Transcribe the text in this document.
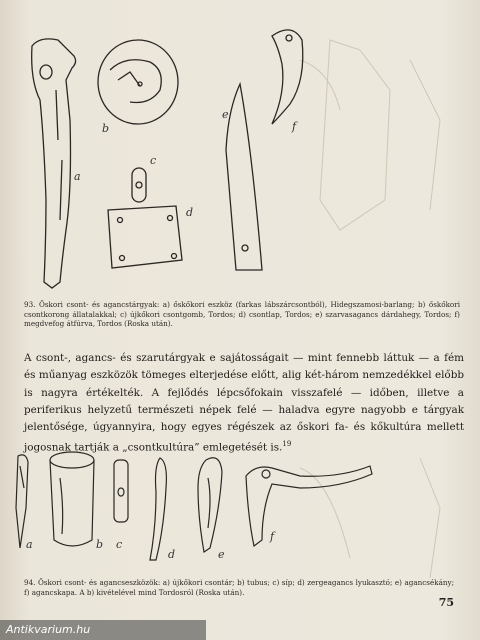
a
b
c
d
e
f
93. Őskori csont- és agancstárgyak: a) őskőkori eszköz (farkas lábszárcsontból), Hidegszamosi-barlang; b) őskőkori csontkorong állatalakkal; c) újkőkori csontgomb, Tordos; d) csontlap, Tordos; e) szarvasagancs dárdahegy, Tordos; f) megdvefog átfúrva, Tordos (Roska után).
A csont-, agancs- és szarutárgyak e sajátosságait — mint fennebb láttuk — a fém és műanyag eszközök tömeges elterjedése előtt, alig két-három nemzedékkel előbb is nagyra értékelték. A fejlődés lépcsőfokain visszafelé — időben, illetve a periferikus helyzetű természeti népek felé — haladva egyre nagyobb e tárgyak jelentősége, úgyannyira, hogy egyes régészek az őskori fa- és kőkultúra mellett jogosnak tartják a „csontkultúra” emlegetését is.$^{19}$
a	b c
d	e
f
94. Őskori csont- és agancseszközök: a) újkőkori csontár; b) tubus; c) síp; d) zergeagancs lyukasztó; e) agancsékány; f) agancskapa. A b) kivételével mind Tordosról (Roska után).
75
Antikvarium.hu
